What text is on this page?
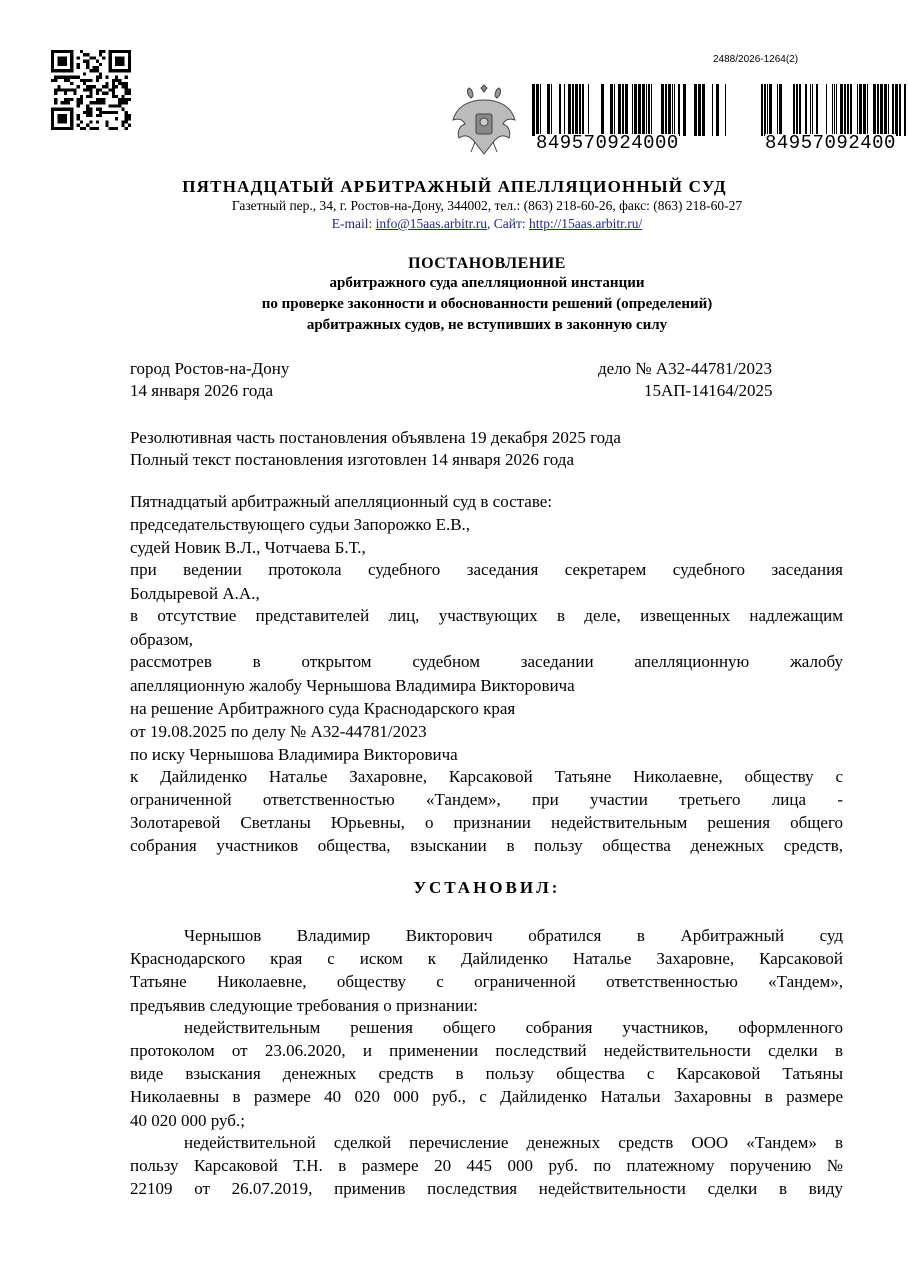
2488/2026-1264(2)
849570924000	84957092400
ПЯТНАДЦАТЫЙ АРБИТРАЖНЫЙ АПЕЛЛЯЦИОННЫЙ СУД
Газетный пер., 34, г. Ростов-на-Дону, 344002, тел.: (863) 218-60-26, факс: (863) 218-60-27
E-mail: info@15aas.arbitr.ru, Сайт: http://15aas.arbitr.ru/
ПОСТАНОВЛЕНИЕ
арбитражного суда апелляционной инстанции
по проверке законности и обоснованности решений (определений)
арбитражных судов, не вступивших в законную силу
город Ростов-на-Дону
14 января 2026 года
дело № А32-44781/2023
15АП-14164/2025
Резолютивная часть постановления объявлена 19 декабря 2025 года
Полный текст постановления изготовлен 14 января 2026 года
Пятнадцатый арбитражный апелляционный суд в составе:
председательствующего судьи Запорожко Е.В.,
судей Новик В.Л., Чотчаева Б.Т.,
при ведении протокола судебного заседания секретарем судебного заседания
Болдыревой А.А.,
в отсутствие представителей лиц, участвующих в деле, извещенных надлежащим
образом,
рассмотрев в открытом судебном заседании апелляционную жалобу
апелляционную жалобу Чернышова Владимира Викторовича
на решение Арбитражного суда Краснодарского края
от 19.08.2025 по делу № А32-44781/2023
по иску Чернышова Владимира Викторовича
к Дайлиденко Наталье Захаровне, Карсаковой Татьяне Николаевне, обществу с
ограниченной ответственностью «Тандем», при участии третьего лица -
Золотаревой Светланы Юрьевны, о признании недействительным решения общего
собрания участников общества, взыскании в пользу общества денежных средств,
УСТАНОВИЛ:
Чернышов Владимир Викторович обратился в Арбитражный суд
Краснодарского края с иском к Дайлиденко Наталье Захаровне, Карсаковой
Татьяне Николаевне, обществу с ограниченной ответственностью «Тандем»,
предъявив следующие требования о признании:
недействительным решения общего собрания участников, оформленного
протоколом от 23.06.2020, и применении последствий недействительности сделки в
виде взыскания денежных средств в пользу общества с Карсаковой Татьяны
Николаевны в размере 40 020 000 руб., с Дайлиденко Натальи Захаровны в размере
40 020 000 руб.;
недействительной сделкой перечисление денежных средств ООО «Тандем» в
пользу Карсаковой Т.Н. в размере 20 445 000 руб. по платежному поручению №
22109 от 26.07.2019, применив последствия недействительности сделки в виду
